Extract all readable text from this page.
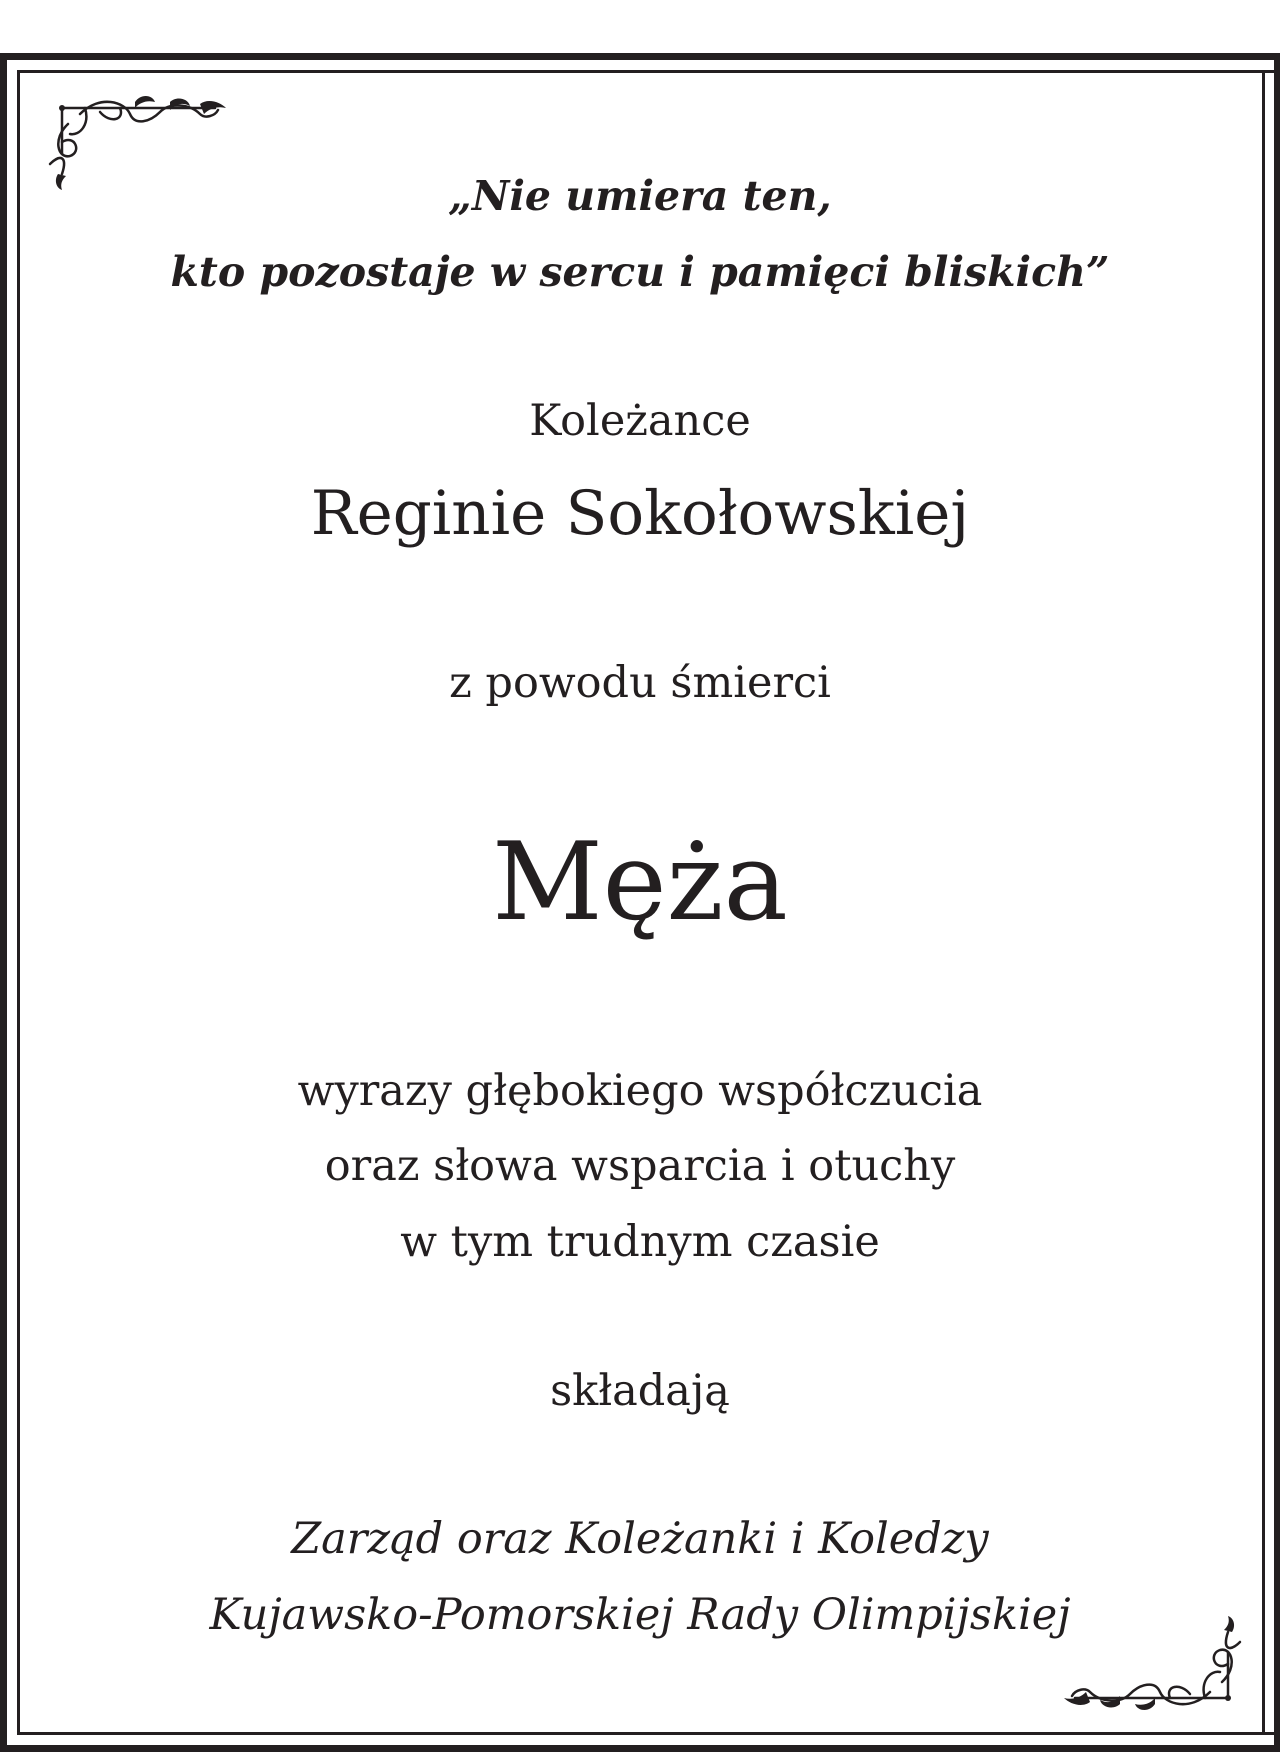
„Nie umiera ten,

kto pozostaje w sercu i pamięci bliskich”

Koleżance

Reginie Sokołowskiej

z powodu śmierci

Męża

wyrazy głębokiego współczucia

oraz słowa wsparcia i otuchy

w tym trudnym czasie

składają

Zarząd oraz Koleżanki i Koledzy

Kujawsko-Pomorskiej Rady Olimpijskiej
